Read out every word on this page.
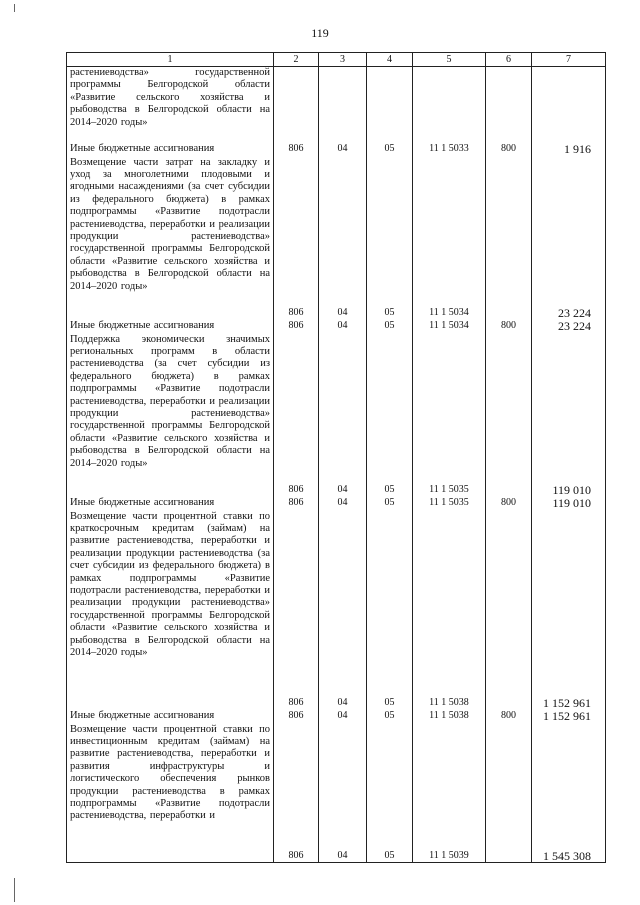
119
1	2	3	4	5	6	7
растениеводства» государственной программы Белгородской области «Развитие сельского хозяйства и рыбоводства в Белгородской области на 2014–2020 годы»						
Иные бюджетные ассигнования	806	04	05	11 1 5033	800	1 916
Возмещение части затрат на закладку и уход за многолетними плодовыми и ягодными насаждениями (за счет субсидии из федерального бюджета) в рамках подпрограммы «Развитие подотрасли растениеводства, переработки и реализации продукции растениеводства» государственной программы Белгородской области «Развитие сельского хозяйства и рыбоводства в Белгородской области на 2014–2020 годы»	806	04	05	11 1 5034		23 224
Иные бюджетные ассигнования	806	04	05	11 1 5034	800	23 224
Поддержка экономически значимых региональных программ в области растениеводства (за счет субсидии из федерального бюджета) в рамках подпрограммы «Развитие подотрасли растениеводства, переработки и реализации продукции растениеводства» государственной программы Белгородской области «Развитие сельского хозяйства и рыбоводства в Белгородской области на 2014–2020 годы»	806	04	05	11 1 5035		119 010
Иные бюджетные ассигнования	806	04	05	11 1 5035	800	119 010
Возмещение части процентной ставки по краткосрочным кредитам (займам) на развитие растениеводства, переработки и реализации продукции растениеводства (за счет субсидии из федерального бюджета) в рамках подпрограммы «Развитие подотрасли растениеводства, переработки и реализации продукции растениеводства» государственной программы Белгородской области «Развитие сельского хозяйства и рыбоводства в Белгородской области на 2014–2020 годы»	806	04	05	11 1 5038		1 152 961
Иные бюджетные ассигнования	806	04	05	11 1 5038	800	1 152 961
Возмещение части процентной ставки по инвестиционным кредитам (займам) на развитие растениеводства, переработки и развития инфраструктуры и логистического обеспечения рынков продукции растениеводства в рамках подпрограммы «Развитие подотрасли растениеводства, переработки и	806	04	05	11 1 5039		1 545 308
